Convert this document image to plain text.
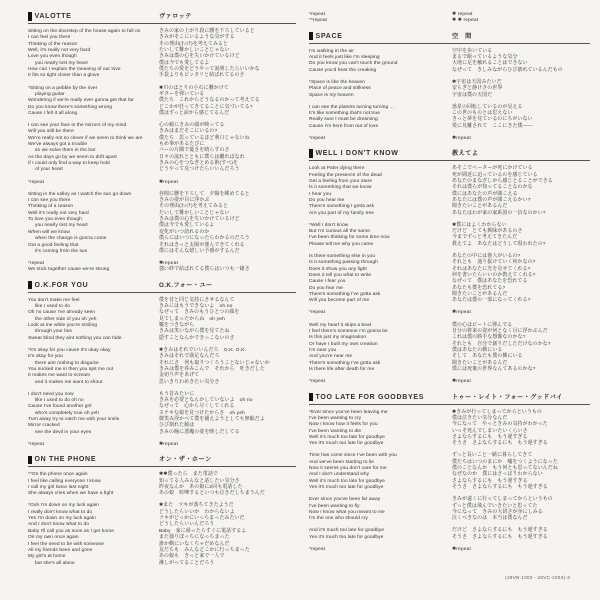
VALOTTE	ヴァロッテ
Sitting on the doorstep of the house again to fall on	きみの家の上がり段に腰を下ろしていると
I can feel you there	きみがそこにいるような気がする
Thinking of the reason	その理由(わけ)を考えてみると
Well, it's really not very hard	たいして難かしいことじゃない
Love you even though	きみは僕の心を失いかけているけど
you nearly lost my heart	僕は今でも愛してるよ
How can I explain the meaning of our love	僕たちの愛をどうやって説明したらいいかな
It fits so tight closer than a glove	手袋よりもピッタリと結ばれてるのさ
*Sitting on a pebble by the river	✱川のほとりの小石に腰かけて
playing guitar	ギターを弾いている
Wondering if we're really ever gonna get that far	僕たち　これからどうなるのかって考えてる
Do you know there's something wrong	どこかが狂ってきてることに気づいてる?
Cause I felt it all along	僕はずっと前から感じてるんだ
I can see your face in the mirrors of my mind	心の鏡にきみの顔が映ってる
Will you still be there	きみはまだそこにいるの?
We're really not so clever if we seem to think we are	僕たち　思っているほど利口じゃないね
We've always got a trouble	もめ事があるたびに
so we solve them in the bar	バーの片隅で憂さを晴らすのさ
As the days go by we seem to drift apart	日々の流れとともに僕らは離ればなれ
If I could only find a way to keep hold	きみの心をつなぎとめる術(すべ)を
of your heart	どうやって見つけたらいいんだろう
*repeat	✱repeat
Sitting in the valley as I watch the sun go down	谷間に腰を下ろして　夕陽を眺めてると
I can see you there	きみの姿が目に浮かぶ
Thinking of a reason	その理由(わけ)を考えてみると
Well it's really not very hard	たいして難かしいことじゃない
To love you even though	きみは僕の心を失いかけているけど
you nearly lost my heart	僕は今でも愛しているよ
When will we know	変化がいつ訪れるのか
when the change is gonna come	僕らにはいつになったらわかるのだろう
Got a good feeling that	それはきっと太陽が運んできてくれる
it's coming from the sun	僕にはそんな嬉しい予感がするんだ
*repeat	✱repeat
We stick together cause we're strong	強い絆で結ばれてる僕らはいつも一緒さ
O.K.FOR YOU	O.K.フォー・ユー
You don't make me feel	僕を昔と同じ気持にさせるなんて
like I used to do	きみにはもうできないよ　oh no
Oh no cause I've already seen	なぜって　きみのもうひとつの顔を
the other side of you oh yeh	見てしまったからね　oh yeh
Look at me while you're smiling	嘘をつきながら
through your lies	きみは笑いながら僕を見てたね
Swear blind they aint nothing you can hide	隠すことなんかできっこないのさ
*It's okay for you cause it's okay okay	✱きみはそれでいいんだろ　O.K. O.K.
It's okay for you	きみはそれで満足なんだろ
there aint nothing to disguise	それにさ　何も取りつくろうことないじゃないか
You sucked me in then you spit me out	きみは僕を呑みこんで　それから　吐きだした
It makes me want to scream	金切り声をあげて
and it makes me want to shout	思いきりわめきたい気分さ
I don't need you now	もう昔みたいに
like I used to do oh no	きみを必要となんかしていないよ　oh no
Cause I've found another girl	なぜって　心から尽くしてくれる
who's completely true oh yeh	ステキな娘を見つけたからさ　oh yeh
Turn away try to catch me with your smile	微笑み浮かべて僕を捕えようとしても無駄だよ
Mirror cracked	ひび割れた鏡は
see the devil in your eyes	きみの瞳に悪魔の姿を映しだしてる
*repeat	✱repeat
ON THE PHONE	オン・ザ・ホーン
**On the phone once again	✱✱僕ったら　また電話で
I feel like calling everyone I know	知ってる人みんなと話したい気分さ
I call my girl twice last night	昨夜なんか　あの娘に2回も電話した
She always cries when we have a fight	あの娘　喧嘩するといつも泣きだしちまうんだ
*Ooh I'm down on my luck again	✱また　ツキが落ちてきたようだ
I really don't know what to do	どうしたらいいか　わからないよ
Yes I'm down on my luck again	ツキがどっかにいっちまったみたいだ
And I don't know what to do	どうしたらいいんだろう
Baby I'll call you as soon as I get home	Baby　家に帰ったらすぐに電話するよ
On my own once again	また独りぼっちになっちまった
I feel the need to be with someone	誰か側にいなくちゃだめなんだ
All my friends been and gone	友だちも　みんなどこかに行っちまった
My girl's at home	あの娘も　きっと家で一人で
but she's all alone	淋しがってることだろう
*repeat	✱ repeat
**repeat	✱ ✱ repeat
SPACE	空　間
I'm walking in the air	空中を歩いている
And it feels just like I'm sleeping	まるで眠っているような気分
Do you know you can't touch the ground	大地に足を触れることはできない
Cause you'd hear the creaking	なぜって　きしみながらひび割れているんだもの
*Space is like the heaven	✱宇宙は天国みたいだ
Place of peace and stillness	安らぎと静けさの世界
Space is my heaven	宇宙は僕の天国だ
I can see the planets turning turning ...	惑星の回転しているのが見える
It's like something that's not true	この世のものとは思えない
Really sure I must be dreaming	きっと夢を見ているのにちがいない
Cause I'm here from out of love	愛に見離されて　ここにきた僕――
*repeat	✱repeat
WELL I DON'T KNOW	教えてよ
Look at Pater dying there	あそこでペーターが死にかけている
Feeling the presence of the dead	死が間近に迫っているのを感じている
Get a feeling from your stare	あなたのまなざしから感じとることができる
Is it something that we know	それは僕らが知ってることなのかな
I hear you	僕にはあなたの声が聞こえる
Do you hear me	あなたには僕の声が聞こえるかい?
There's something I gotta ask	聞きたいことがあるんだ
Are you part of my family tree	あなたはわが家の家系図の一員なのかい?
*Well I don't know	✱僕にはよくわからない
But I'm curious all the same	だけど　とても興味があるのさ
I've been thinking for some time now	今までずっと考えてきたんだ
Please tell me why you came	教えてよ　あなたはどうして現われたの?
Is there something else in you	あなたの中には他人がいるの?
Is it something passing through	それとも　通り抜けていく何かなの?
Does it show you any light	それはあなたに光を見せてくれる?
Does it tell you what to write	何を書いたらいいのか教えてくれる?
Cause I fear you	なぜって　僕はあなたを恐れてる
Do you fear me	あなたも僕を恐れてる?
There's something I've gotta ask	聞きたいことがあるんだ
Will you become part of me	あなたは僕の一部になってくれる?
*repeat	✱repeat
Well my heart it skips a beat	僕の心はビートに弾んでる
I feel there's someone I'm gonna be	自分の将来の姿が何となく目に浮かぶんだ
Is this just my imagination	これは僕の勝手な想像なのかな?
Or have I built my own creation	それとも　自分で創りだしただけなのかな?
I'm near you	僕はあなたの側にいる
And you're near me	そして　あなたも僕の側にいる
There's something I've gotta ask	聞きたいことがあるんだ
Is there life after death for me	僕には死後の世界なんてあるのかな?
*repeat	✱repeat
TOO LATE FOR GOODBYES	トゥー・レイト・フォー・グッドバイ
*Ever since you've been leaving me	✱きみが行ってしまってからというもの
I've been wanting to cry	僕は泣きたい気分なんだ
Now I know how it feels for you	今になって　やっときみの気持がわかった
I've been wanting to die	いっそ死んでしまいたいくらいさ
Well it's much too late for goodbye	さよならするにも　もう遅すぎる
Yes it's much too late for goodbye	そうさ　さよならするにも　もう遅すぎる
Time has come since I've been with you	ずっと長いこと一緒に暮らしてきて
And we've been starting to lie	僕たちはいつのまにか　嘘をつくようになった
Now it seems you don't care for me	僕のことなんか　もう何とも思ってないんだね
And I don't understand why	なぜなのか　僕にはさっぱりわからない
Well it's much too late for goodbye	さよならするにも　もう遅すぎる
Yes it's much too late for goodbye	そうさ　さよならするにも　もう遅すぎる
Ever since you've been far away	きみが遠くに行ってしまってからというもの
I've been wanting to fly	ずっと僕は飛んでいきたいと思ってた
Now I know what you meant to me	今になって　きみの大切さが身にしみる
I'm the one who should cry	泣くべきなのは　本当は僕なんだ
And it's much too late for goodbye	だけど　さよならするにも　もう遅すぎる
Yes it's much too late for goodbye	そうさ　さよならするにも　もう遅すぎる
*repeat	✱repeat
(28VB-1003・28VC-1003)-3
